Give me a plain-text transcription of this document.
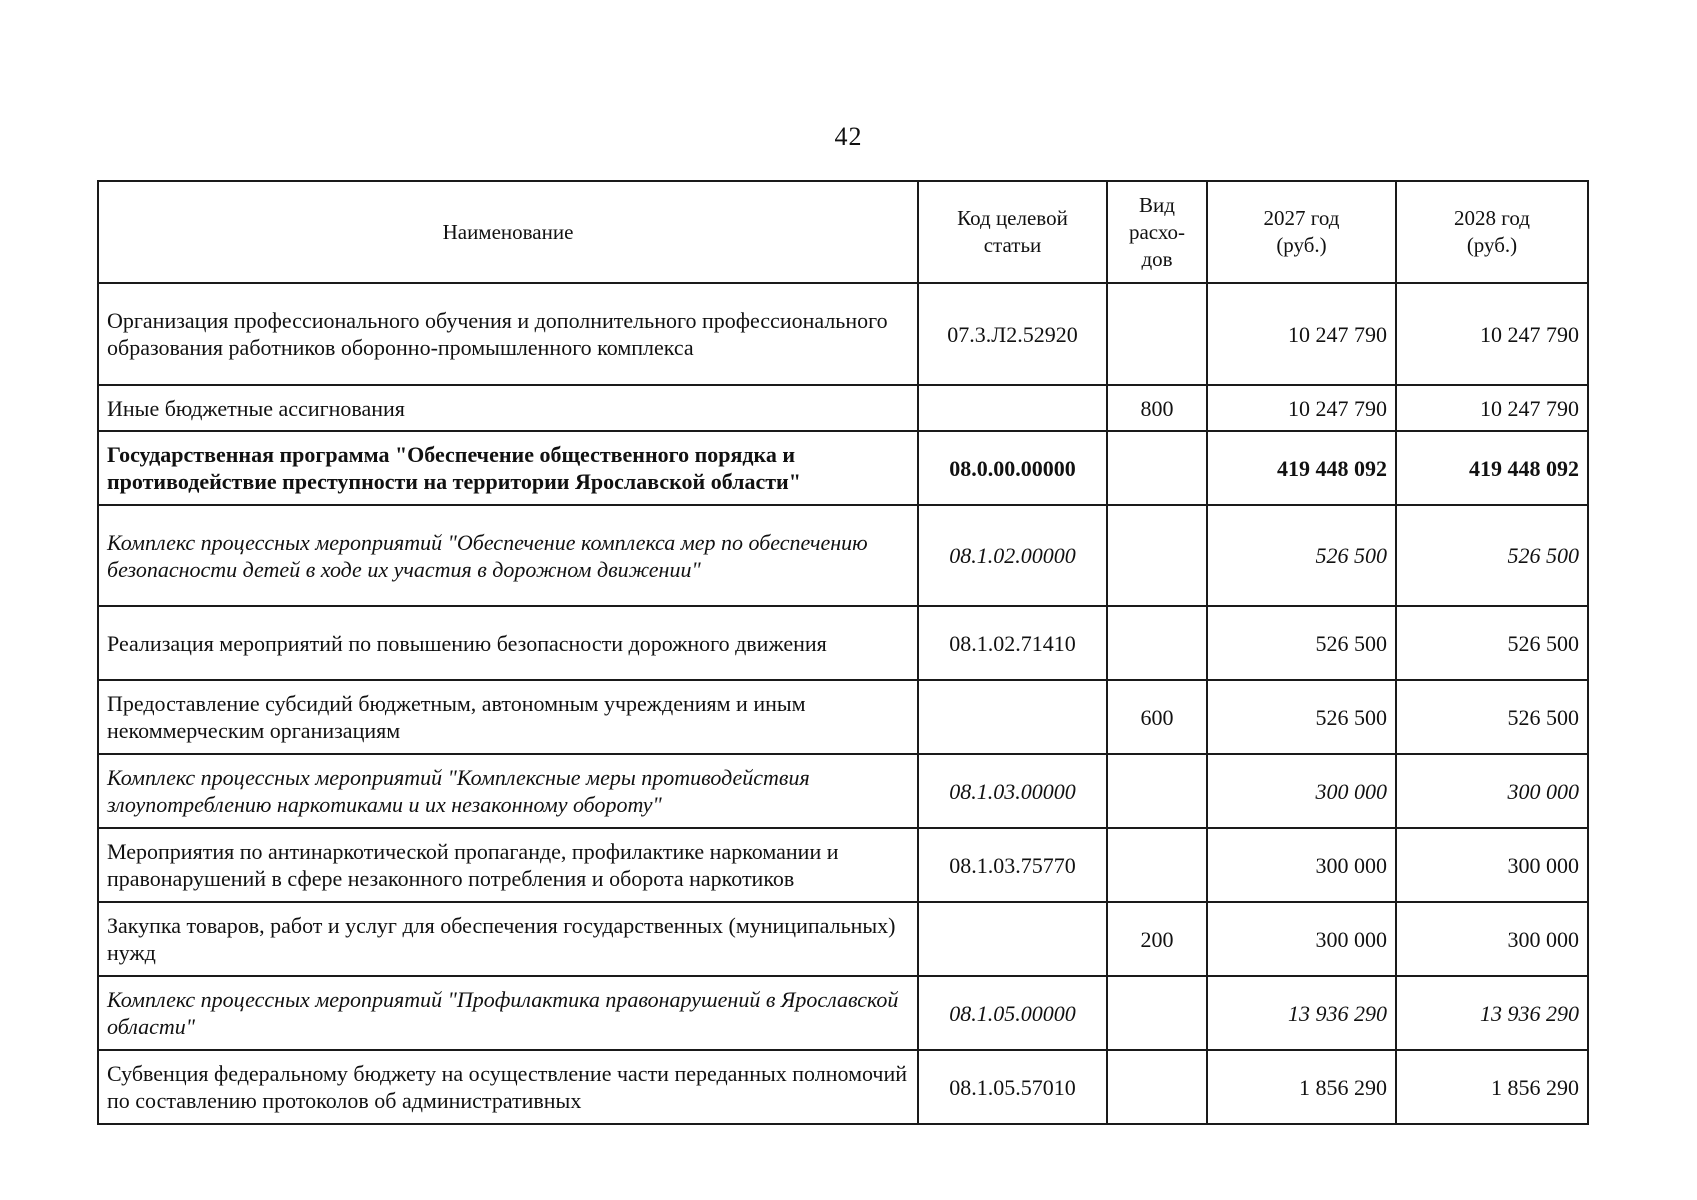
42
Наименование	Код целевой статьи	Вид расхо- дов	2027 год (руб.)	2028 год (руб.)
Организация профессионального обучения и дополнительного профессионального образования работников оборонно-промышленного комплекса	07.3.Л2.52920		10 247 790	10 247 790
Иные бюджетные ассигнования		800	10 247 790	10 247 790
Государственная программа "Обеспечение общественного порядка и противодействие преступности на территории Ярославской области"	08.0.00.00000		419 448 092	419 448 092
Комплекс процессных мероприятий "Обеспечение комплекса мер по обеспечению безопасности детей в ходе их участия в дорожном движении"	08.1.02.00000		526 500	526 500
Реализация мероприятий по повышению безопасности дорожного движения	08.1.02.71410		526 500	526 500
Предоставление субсидий бюджетным, автономным учреждениям и иным некоммерческим организациям		600	526 500	526 500
Комплекс процессных мероприятий "Комплексные меры противодействия злоупотреблению наркотиками и их незаконному обороту"	08.1.03.00000		300 000	300 000
Мероприятия по антинаркотической пропаганде, профилактике наркомании и правонарушений в сфере незаконного потребления и оборота наркотиков	08.1.03.75770		300 000	300 000
Закупка товаров, работ и услуг для обеспечения государственных (муниципальных) нужд		200	300 000	300 000
Комплекс процессных мероприятий "Профилактика правонарушений в Ярославской области"	08.1.05.00000		13 936 290	13 936 290
Субвенция федеральному бюджету на осуществление части переданных полномочий по составлению протоколов об административных	08.1.05.57010		1 856 290	1 856 290
